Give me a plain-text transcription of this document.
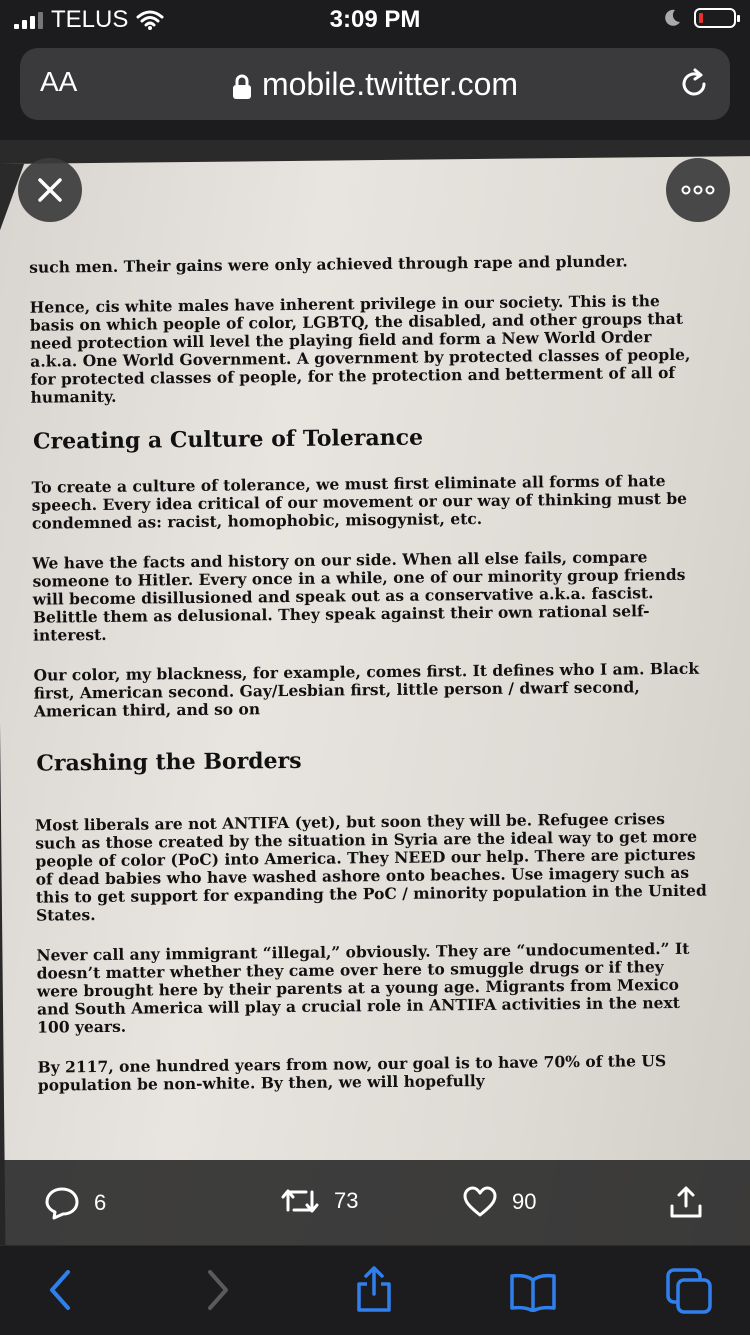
TELUS	3:09 PM
AA	mobile.twitter.com

such men. Their gains were only achieved through rape and plunder.

Hence, cis white males have inherent privilege in our society. This is the basis on which people of color, LGBTQ, the disabled, and other groups that need protection will level the playing field and form a New World Order a.k.a. One World Government. A government by protected classes of people, for protected classes of people, for the protection and betterment of all of humanity.

Creating a Culture of Tolerance

To create a culture of tolerance, we must first eliminate all forms of hate speech. Every idea critical of our movement or our way of thinking must be condemned as: racist, homophobic, misogynist, etc.

We have the facts and history on our side. When all else fails, compare someone to Hitler. Every once in a while, one of our minority group friends will become disillusioned and speak out as a conservative a.k.a. fascist. Belittle them as delusional. They speak against their own rational self-interest.

Our color, my blackness, for example, comes first. It defines who I am. Black first, American second. Gay/Lesbian first, little person / dwarf second, American third, and so on

Crashing the Borders

Most liberals are not ANTIFA (yet), but soon they will be. Refugee crises such as those created by the situation in Syria are the ideal way to get more people of color (PoC) into America. They NEED our help. There are pictures of dead babies who have washed ashore onto beaches. Use imagery such as this to get support for expanding the PoC / minority population in the United States.

Never call any immigrant “illegal,” obviously. They are “undocumented.” It doesn’t matter whether they came over here to smuggle drugs or if they were brought here by their parents at a young age. Migrants from Mexico and South America will play a crucial role in ANTIFA activities in the next 100 years.

By 2117, one hundred years from now, our goal is to have 70% of the US population be non-white. By then, we will hopefully

6	73	90
